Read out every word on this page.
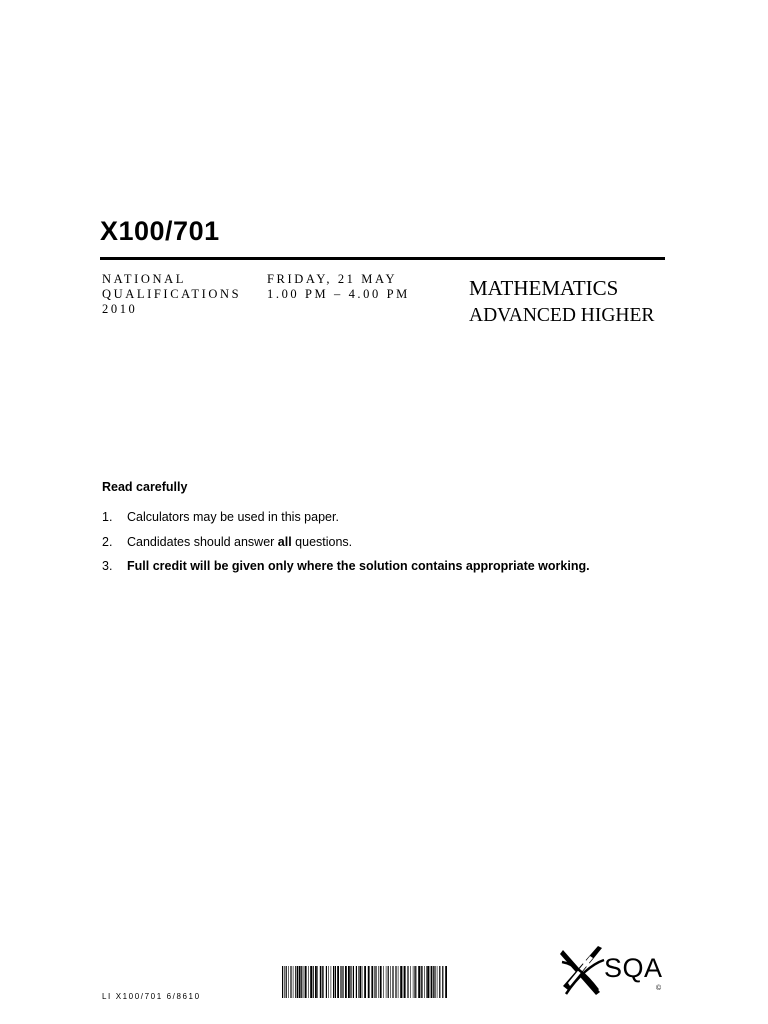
X100/701
NATIONAL
QUALIFICATIONS
2010
FRIDAY, 21 MAY
1.00 PM – 4.00 PM	MATHEMATICS
ADVANCED HIGHER
Read carefully
1.	Calculators may be used in this paper.
2.	Candidates should answer all questions.
3.	Full credit will be given only where the solution contains appropriate working.
LI X100/701 6/8610
SQA
©
